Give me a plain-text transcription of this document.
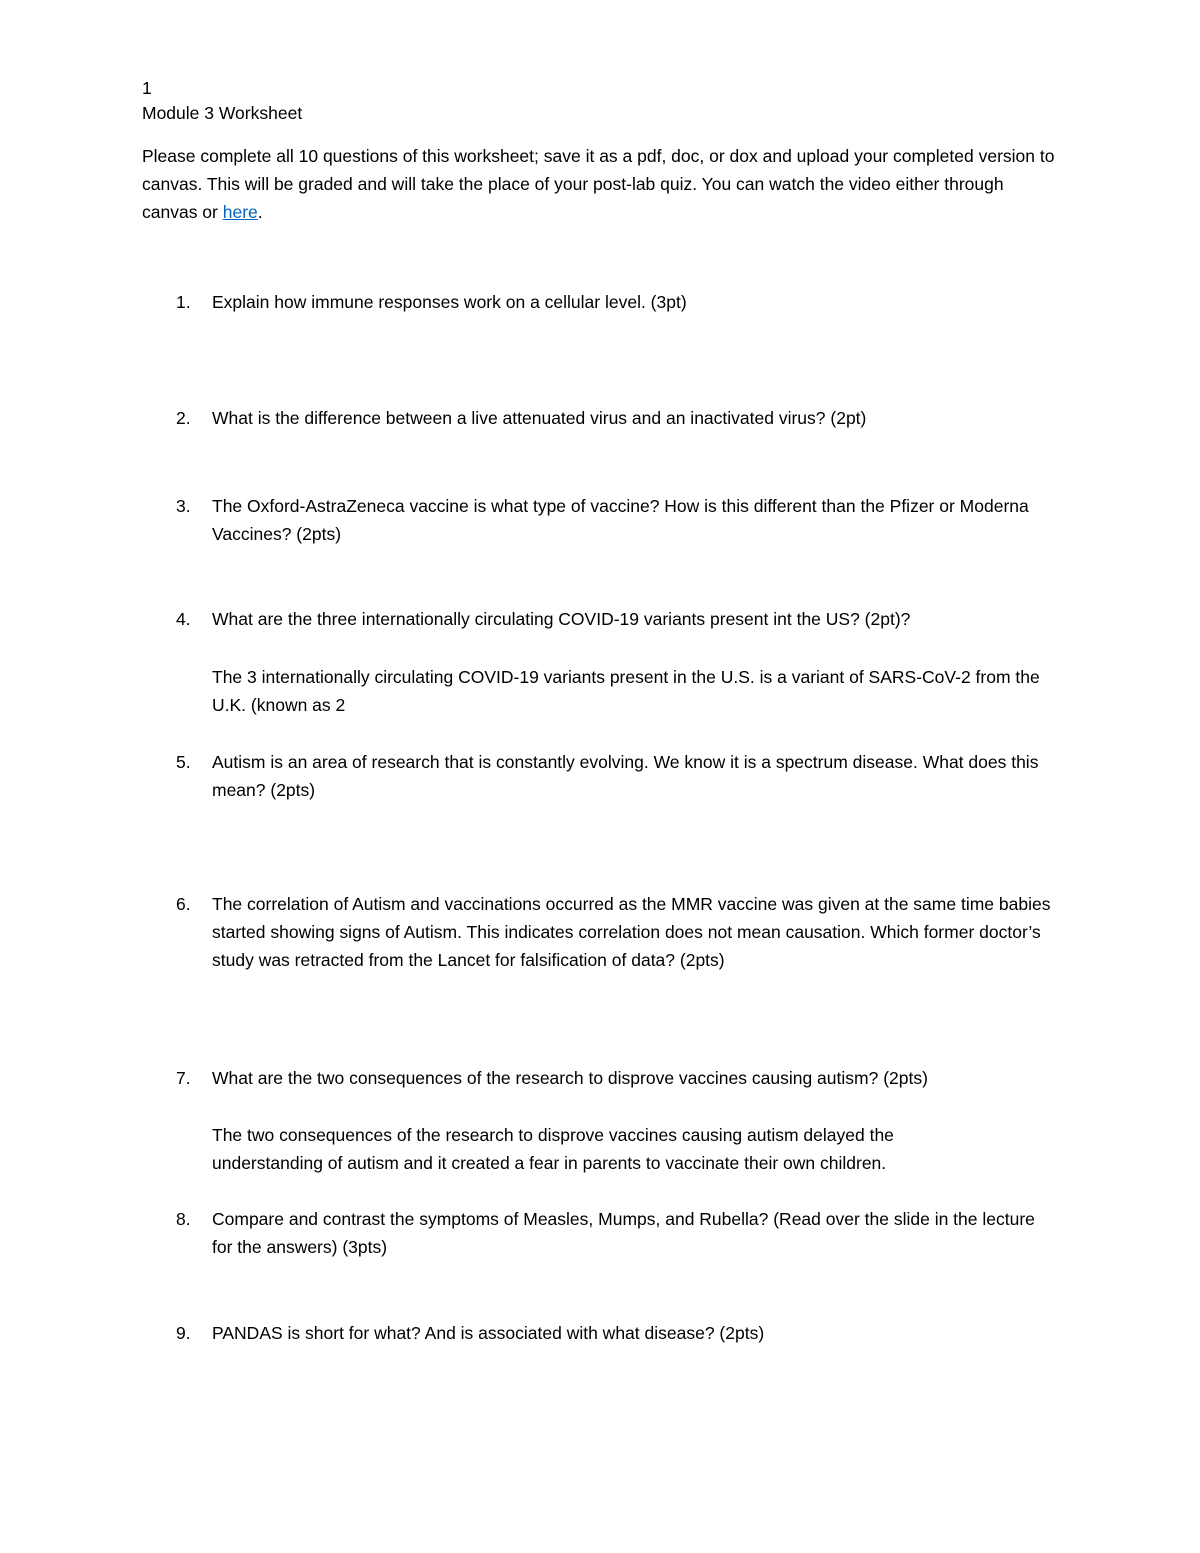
1
Module 3 Worksheet
Please complete all 10 questions of this worksheet; save it as a pdf, doc, or dox and upload your completed version to canvas. This will be graded and will take the place of your post-lab quiz. You can watch the video either through canvas or here.
1.	Explain how immune responses work on a cellular level. (3pt)
2.	What is the difference between a live attenuated virus and an inactivated virus? (2pt)
3.	The Oxford-AstraZeneca vaccine is what type of vaccine? How is this different than the Pfizer or Moderna Vaccines? (2pts)
4.	What are the three internationally circulating COVID-19 variants present int the US? (2pt)?
The 3 internationally circulating COVID-19 variants present in the U.S. is a variant of SARS-CoV-2 from the U.K. (known as 2
5.	Autism is an area of research that is constantly evolving. We know it is a spectrum disease. What does this mean? (2pts)
6.	The correlation of Autism and vaccinations occurred as the MMR vaccine was given at the same time babies started showing signs of Autism. This indicates correlation does not mean causation. Which former doctor’s study was retracted from the Lancet for falsification of data? (2pts)
7.	What are the two consequences of the research to disprove vaccines causing autism? (2pts)
The two consequences of the research to disprove vaccines causing autism delayed the understanding of autism and it created a fear in parents to vaccinate their own children.
8.	Compare and contrast the symptoms of Measles, Mumps, and Rubella? (Read over the slide in the lecture for the answers) (3pts)
9.	PANDAS is short for what? And is associated with what disease? (2pts)
